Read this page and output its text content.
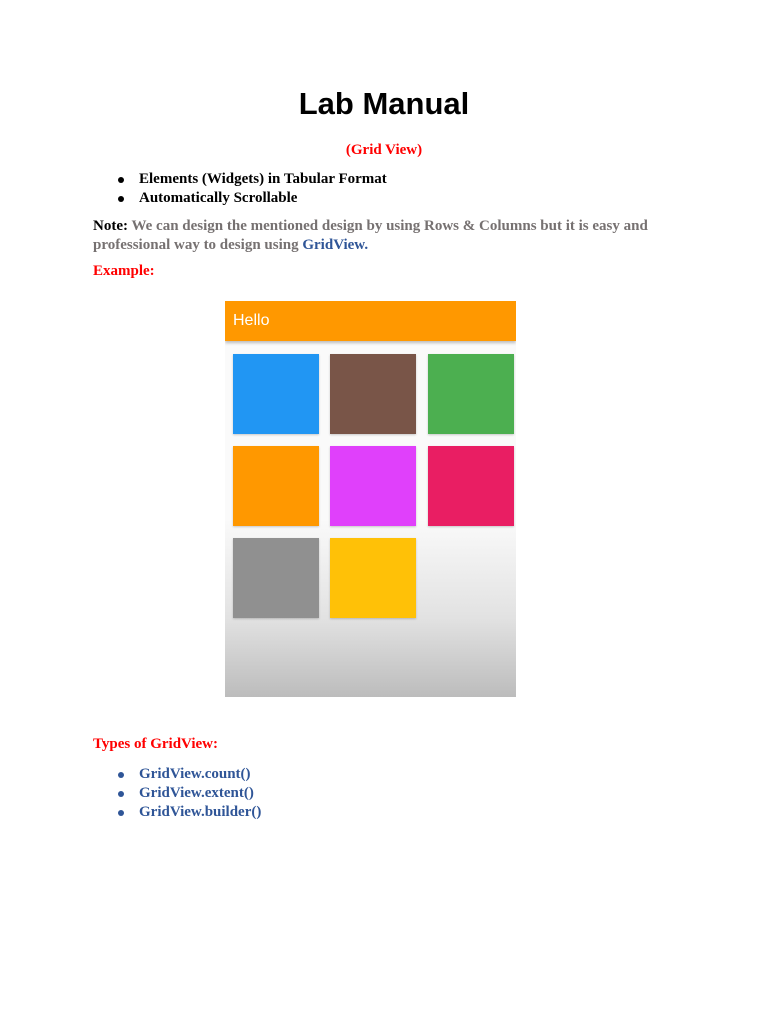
Lab Manual
(Grid View)
Elements (Widgets) in Tabular Format
Automatically Scrollable
Note: We can design the mentioned design by using Rows & Columns but it is easy and professional way to design using GridView.
Example:
Hello
Types of GridView:
GridView.count()
GridView.extent()
GridView.builder()
